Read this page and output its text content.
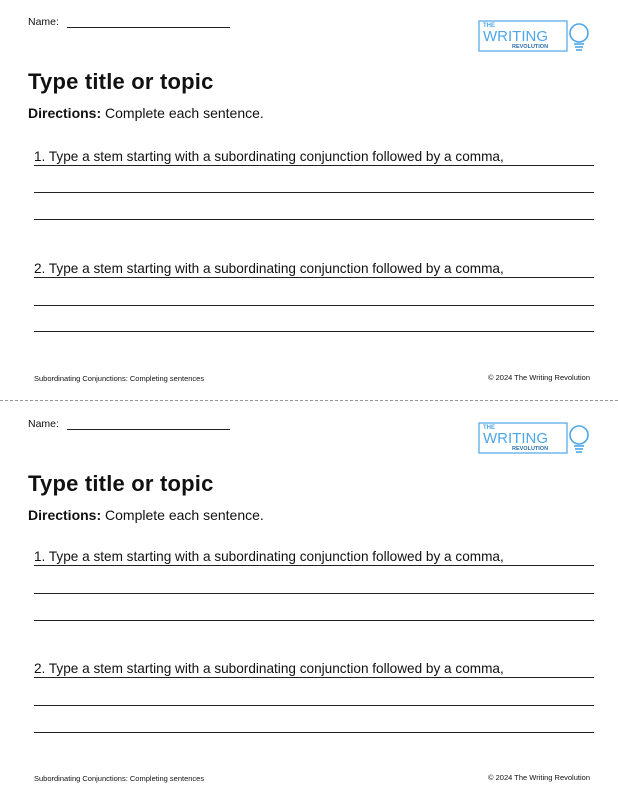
Name:	THE
WRITING
REVOLUTION
Type title or topic
Directions: Complete each sentence.
1. Type a stem starting with a subordinating conjunction followed by a comma,
2. Type a stem starting with a subordinating conjunction followed by a comma,
Subordinating Conjunctions: Completing sentences	© 2024 The Writing Revolution
Name:	THE
WRITING
REVOLUTION
Type title or topic
Directions: Complete each sentence.
1. Type a stem starting with a subordinating conjunction followed by a comma,
2. Type a stem starting with a subordinating conjunction followed by a comma,
Subordinating Conjunctions: Completing sentences	© 2024 The Writing Revolution
